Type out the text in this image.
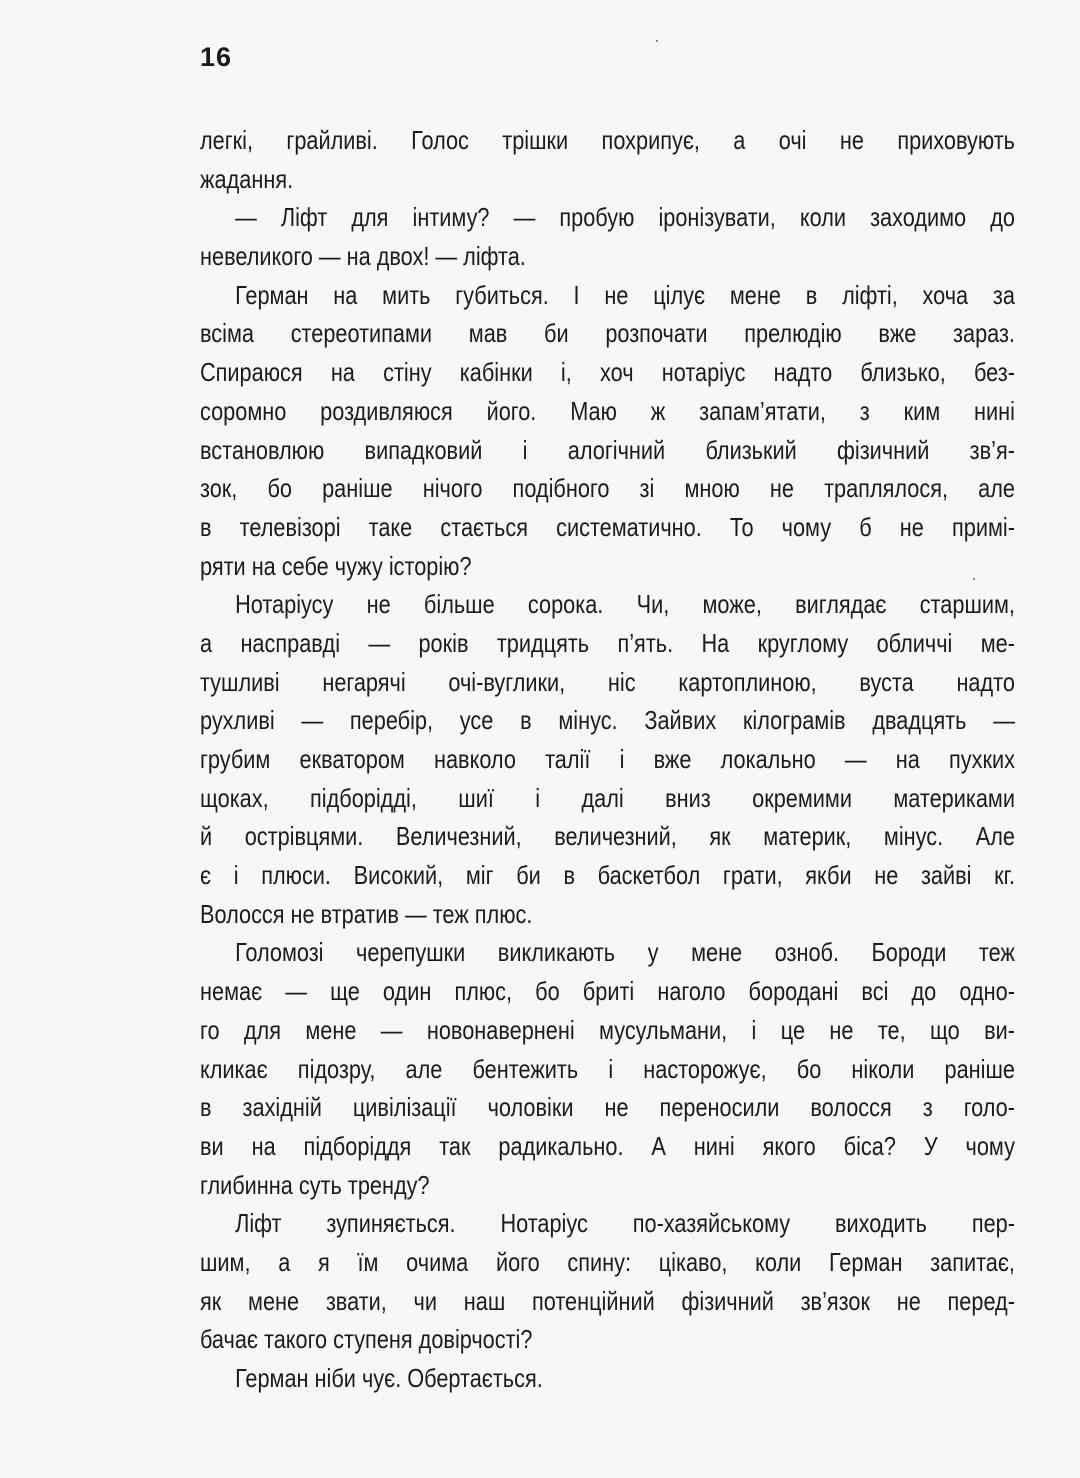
16
легкі, грайливі. Голос трішки похрипує, а очі не приховують
жадання.
— Ліфт для інтиму? — пробую іронізувати, коли заходимо до
невеликого — на двох! — ліфта.
Герман на мить губиться. І не цілує мене в ліфті, хоча за
всіма стереотипами мав би розпочати прелюдію вже зараз.
Спираюся на стіну кабінки і, хоч нотаріус надто близько, без-
соромно роздивляюся його. Маю ж запам’ятати, з ким нині
встановлюю випадковий і алогічний близький фізичний зв’я-
зок, бо раніше нічого подібного зі мною не траплялося, але
в телевізорі таке стається систематично. То чому б не примі-
ряти на себе чужу історію?
Нотаріусу не більше сорока. Чи, може, виглядає старшим,
а насправді — років тридцять п’ять. На круглому обличчі ме-
тушливі негарячі очі-вуглики, ніс картоплиною, вуста надто
рухливі — перебір, усе в мінус. Зайвих кілограмів двадцять —
грубим екватором навколо талії і вже локально — на пухких
щоках, підборідді, шиї і далі вниз окремими материками
й острівцями. Величезний, величезний, як материк, мінус. Але
є і плюси. Високий, міг би в баскетбол грати, якби не зайві кг.
Волосся не втратив — теж плюс.
Голомозі черепушки викликають у мене озноб. Бороди теж
немає — ще один плюс, бо бриті наголо бородані всі до одно-
го для мене — новонавернені мусульмани, і це не те, що ви-
кликає підозру, але бентежить і насторожує, бо ніколи раніше
в західній цивілізації чоловіки не переносили волосся з голо-
ви на підборіддя так радикально. А нині якого біса? У чому
глибинна суть тренду?
Ліфт зупиняється. Нотаріус по-хазяйському виходить пер-
шим, а я їм очима його спину: цікаво, коли Герман запитає,
як мене звати, чи наш потенційний фізичний зв’язок не перед-
бачає такого ступеня довірчості?
Герман ніби чує. Обертається.
